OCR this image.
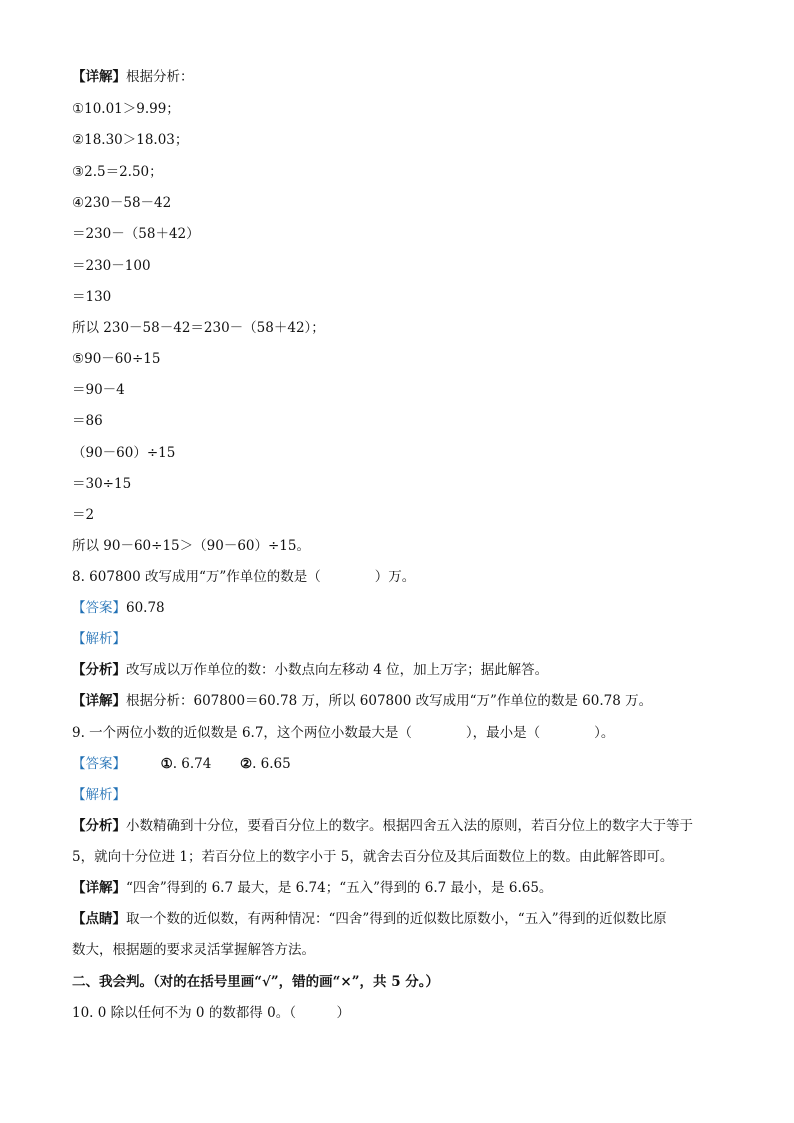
【详解】根据分析：
①10.01＞9.99；
②18.30＞18.03；
③2.5＝2.50；
④230－58－42
＝230－（58＋42）
＝230－100
＝130
所以 230－58－42＝230－（58＋42）；
⑤90－60÷15
＝90－4
＝86
（90－60）÷15
＝30÷15
＝2
所以 90－60÷15＞（90－60）÷15。
8. 607800 改写成用“万”作单位的数是（　　　　）万。
【答案】60.78
【解析】
【分析】改写成以万作单位的数：小数点向左移动 4 位，加上万字；据此解答。
【详解】根据分析：607800＝60.78 万，所以 607800 改写成用“万”作单位的数是 60.78 万。
9. 一个两位小数的近似数是 6.7，这个两位小数最大是（　　　　），最小是（　　　　）。
【答案】	①. 6.74 ②. 6.65
【解析】
【分析】小数精确到十分位，要看百分位上的数字。根据四舍五入法的原则，若百分位上的数字大于等于
5，就向十分位进 1；若百分位上的数字小于 5，就舍去百分位及其后面数位上的数。由此解答即可。
【详解】“四舍”得到的 6.7 最大，是 6.74；“五入”得到的 6.7 最小，是 6.65。
【点睛】取一个数的近似数，有两种情况：“四舍”得到的近似数比原数小，“五入”得到的近似数比原
数大，根据题的要求灵活掌握解答方法。
二、我会判。（对的在括号里画“√”，错的画“×”，共 5 分。）
10. 0 除以任何不为 0 的数都得 0。（　　　）
